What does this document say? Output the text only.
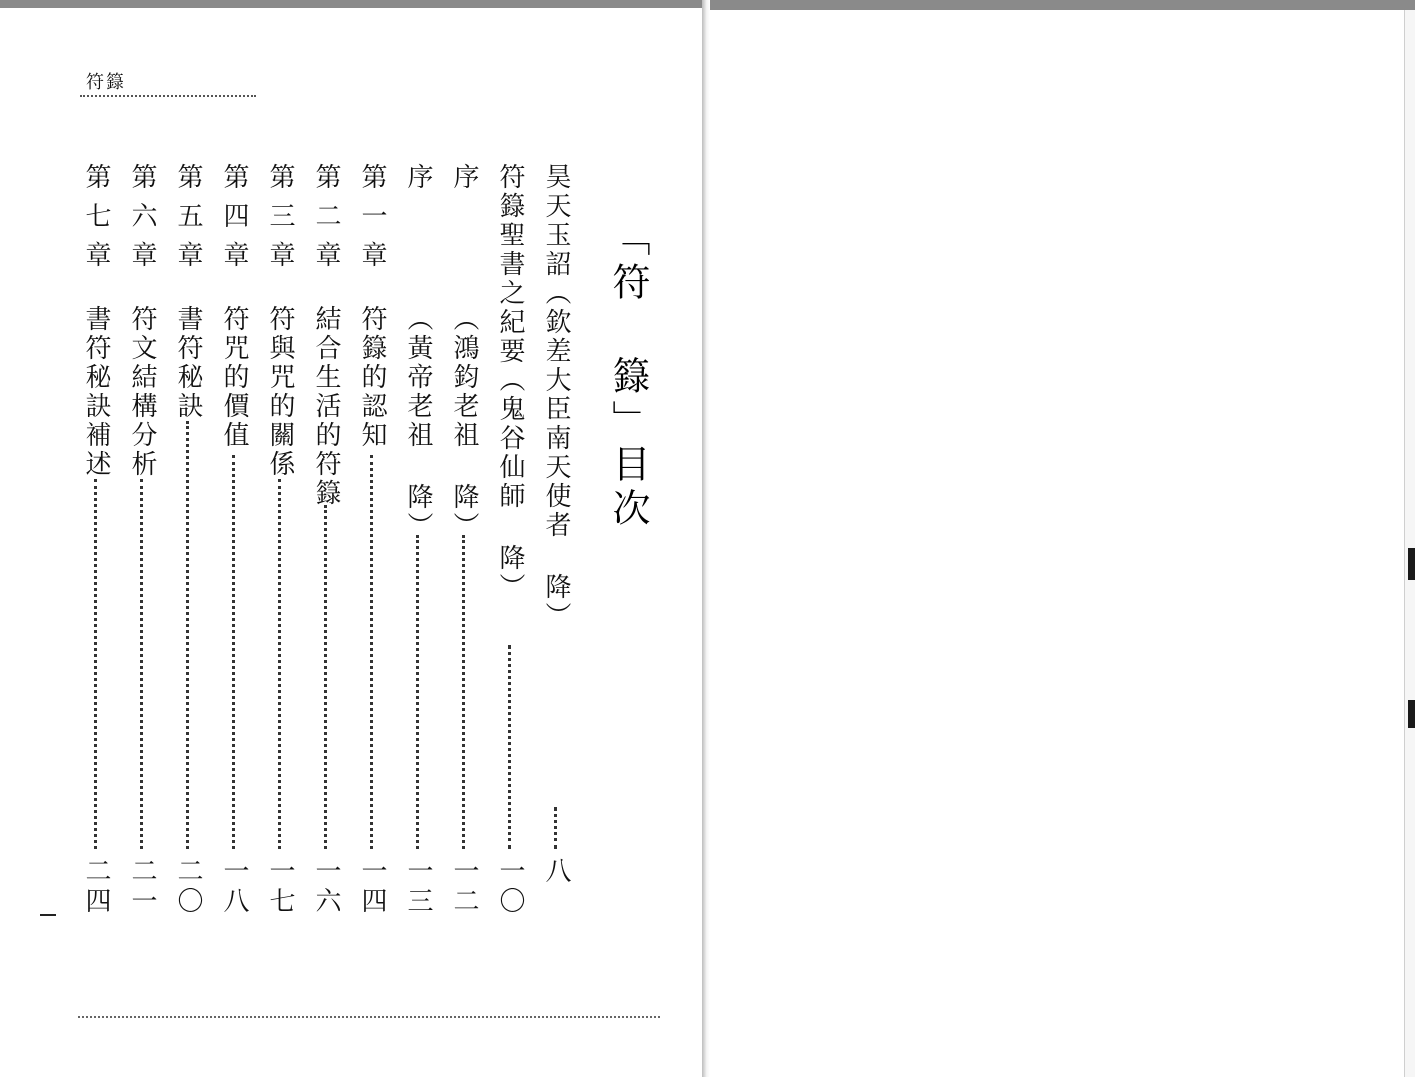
符籙
「符 籙」目次
昊天玉詔（欽差大臣南天使者 降）
八
符籙聖書之紀要（鬼谷仙師 降）
一〇
序
（鴻鈞老祖 降）
一二
序
（黃帝老祖 降）
一三
第一章
符籙的認知
一四
第二章
結合生活的符籙
一六
第三章
符與咒的關係
一七
第四章
符咒的價值
一八
第五章
書符秘訣
二〇
第六章
符文結構分析
二一
第七章
書符秘訣補述
二四
